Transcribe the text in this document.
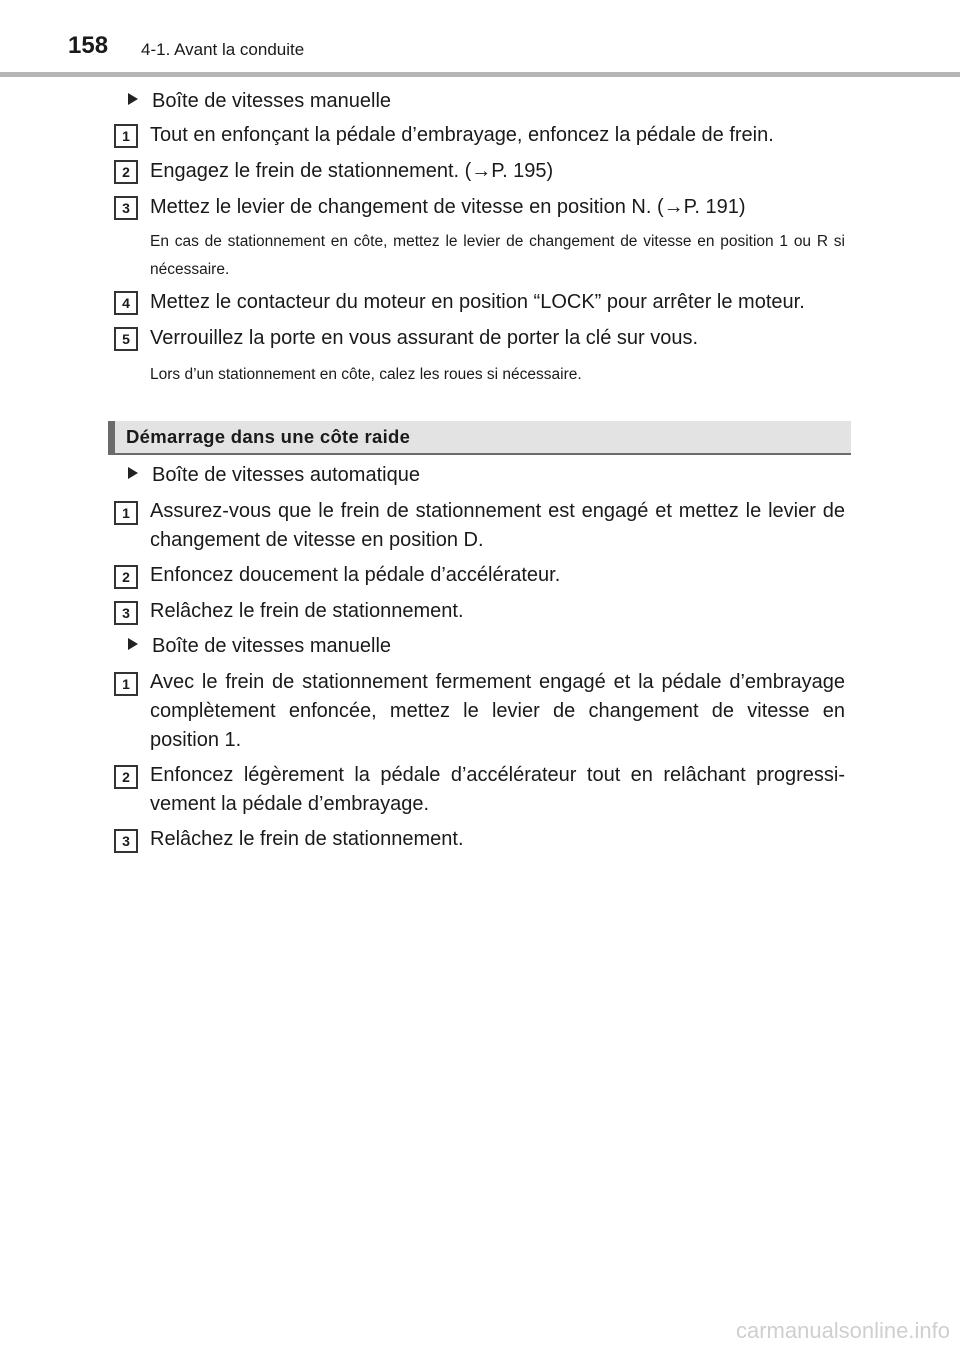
158 4-1. Avant la conduite
Boîte de vitesses manuelle
1	Tout en enfonçant la pédale d’embrayage, enfoncez la pédale de frein.
2	Engagez le frein de stationnement. (→P. 195)
3	Mettez le levier de changement de vitesse en position N. (→P. 191)
En cas de stationnement en côte, mettez le levier de changement de vitesse en position 1 ou R si nécessaire.
4	Mettez le contacteur du moteur en position “LOCK” pour arrêter le moteur.
5	Verrouillez la porte en vous assurant de porter la clé sur vous.
Lors d’un stationnement en côte, calez les roues si nécessaire.
Démarrage dans une côte raide
Boîte de vitesses automatique
1	Assurez-vous que le frein de stationnement est engagé et mettez le levier de changement de vitesse en position D.
2	Enfoncez doucement la pédale d’accélérateur.
3	Relâchez le frein de stationnement.
Boîte de vitesses manuelle
1	Avec le frein de stationnement fermement engagé et la pédale d’embrayage complètement enfoncée, mettez le levier de changement de vitesse en position 1.
2	Enfoncez légèrement la pédale d’accélérateur tout en relâchant progressi-vement la pédale d’embrayage.
3	Relâchez le frein de stationnement.
carmanualsonline.info
